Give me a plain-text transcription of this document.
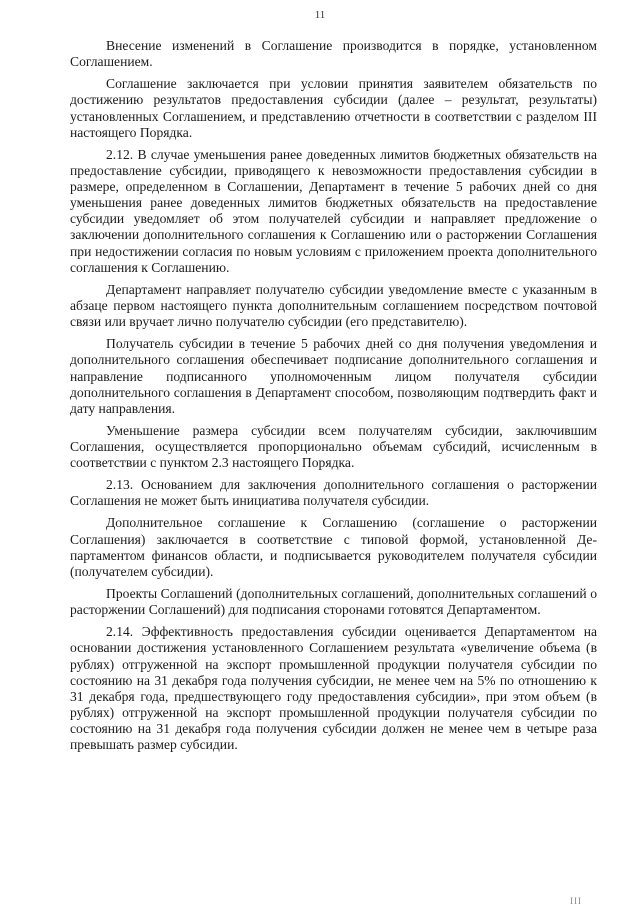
11

Внесение изменений в Соглашение производится в порядке, установленном Соглашением.

Соглашение заключается при условии принятия заявителем обязательств по достижению результатов предоставления субсидии (далее – результат, результаты) установленных Соглашением, и представлению отчетности в соответствии с разделом III настоящего Порядка.

2.12. В случае уменьшения ранее доведенных лимитов бюджетных обязательств на предоставление субсидии, приводящего к невозможности предоставления субсидии в размере, определенном в Соглашении, Департамент в течение 5 рабочих дней со дня уменьшения ранее доведенных лимитов бюджетных обязательств на предоставление субсидии уведомляет об этом получателей субсидии и направляет предложение о заключении дополнительного соглашения к Соглашению или о расторжении Соглашения при недостижении согласия по новым условиям с приложением проекта дополнительного соглашения к Соглашению.

Департамент направляет получателю субсидии уведомление вместе с указанным в абзаце первом настоящего пункта дополнительным соглашением посредством почтовой связи или вручает лично получателю субсидии (его представителю).

Получатель субсидии в течение 5 рабочих дней со дня получения уведомления и дополнительного соглашения обеспечивает подписание дополнительного соглашения и направление подписанного уполномоченным лицом получателя субсидии дополнительного соглашения в Департамент способом, позволяющим подтвердить факт и дату направления.

Уменьшение размера субсидии всем получателям субсидии, заключившим Соглашения, осуществляется пропорционально объемам субсидий, исчисленным в соответствии с пунктом 2.3 настоящего Порядка.

2.13. Основанием для заключения дополнительного соглашения о расторжении Соглашения не может быть инициатива получателя субсидии.

Дополнительное соглашение к Соглашению (соглашение о расторжении Соглашения) заключается в соответствие с типовой формой, установленной Департаментом финансов области, и подписывается руководителем получателя субсидии (получателем субсидии).

Проекты Соглашений (дополнительных соглашений, дополнительных соглашений о расторжении Соглашений) для подписания сторонами готовятся Департаментом.

2.14. Эффективность предоставления субсидии оценивается Департаментом на основании достижения установленного Соглашением результата «увеличение объема (в рублях) отгруженной на экспорт промышленной продукции получателя субсидии по состоянию на 31 декабря года получения субсидии, не менее чем на 5% по отношению к 31 декабря года, предшествующего году предоставления субсидии», при этом объем (в рублях) отгруженной на экспорт промышленной продукции получателя субсидии по состоянию на 31 декабря года получения субсидии должен не менее чем в четыре раза превышать размер субсидии.

ΙΙΙ
